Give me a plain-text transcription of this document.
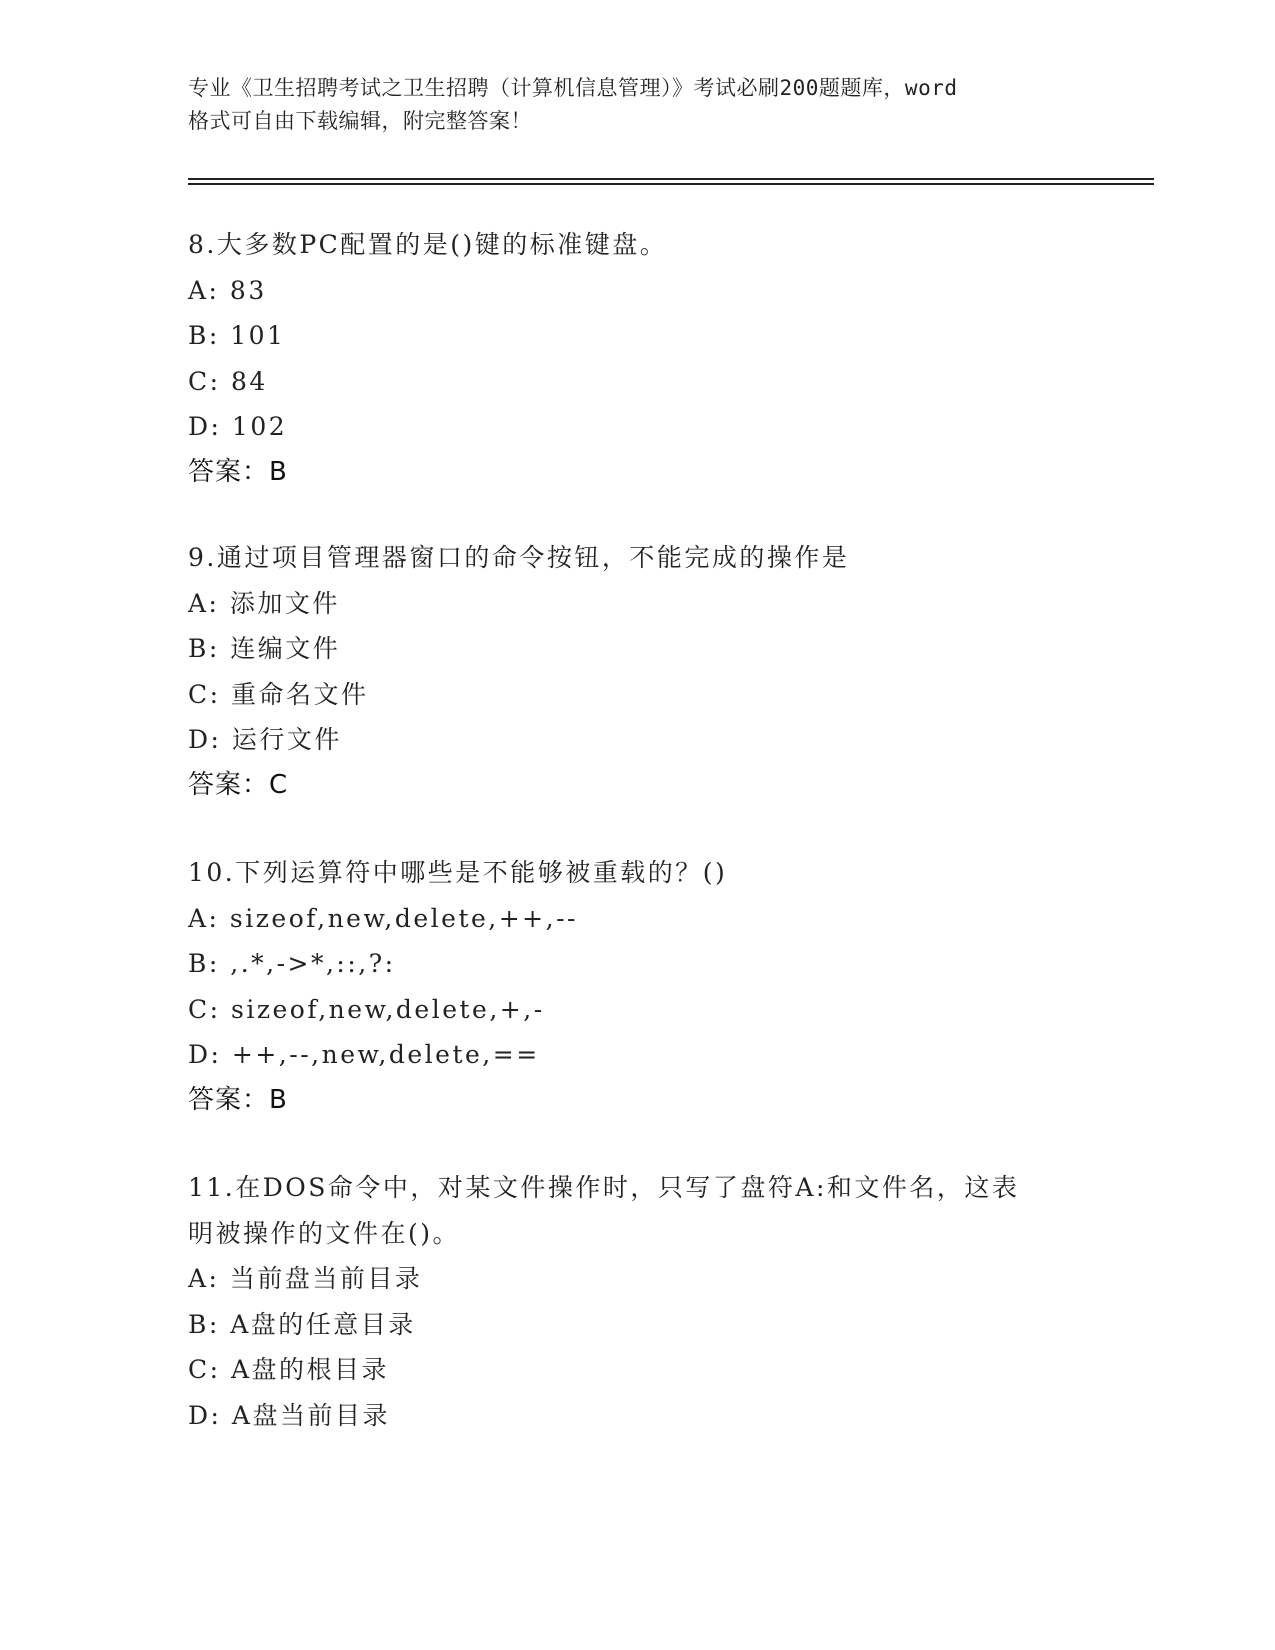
专业《卫生招聘考试之卫生招聘（计算机信息管理）》考试必刷200题题库，word
格式可自由下载编辑，附完整答案！
8.大多数PC配置的是()键的标准键盘。
A: 83
B: 101
C: 84
D: 102
答案：B
9.通过项目管理器窗口的命令按钮，不能完成的操作是
A: 添加文件
B: 连编文件
C: 重命名文件
D: 运行文件
答案：C
10.下列运算符中哪些是不能够被重载的？()
A: sizeof,new,delete,++,--
B: ,.*,->*,::,?:
C: sizeof,new,delete,+,-
D: ++,--,new,delete,==
答案：B
11.在DOS命令中，对某文件操作时，只写了盘符A:和文件名，这表
明被操作的文件在()。
A: 当前盘当前目录
B: A盘的任意目录
C: A盘的根目录
D: A盘当前目录
